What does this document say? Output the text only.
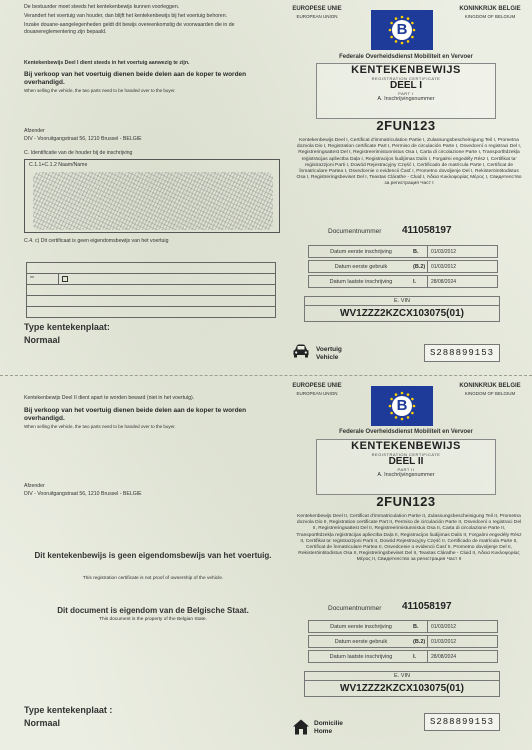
De bestuurder moet steeds het kentekenbewijs kunnen voorleggen.

Verandert het voertuig van houder, dan blijft het kentekenbewijs bij het voertuig behoren.

Inzake douane-aangelegenheden geldt dit bewijs overeenkomstig de voorwaarden die in de douanereglementering zijn bepaald.

Kentekenbewijs Deel I dient steeds in het voertuig aanwezig te zijn.
Bij verkoop van het voertuig dienen beide delen aan de koper te worden overhandigd.
When selling the vehicle, the two parts need to be handed over to the buyer.
Afzender
DIV - Vooruitgangstraat 56, 1210 Brussel - BELGIE
C. Identificatie van de houder bij de inschrijving
C.1.1+C.1.2 Naam/Name
C.4. c) Dit certificaat is geen eigendomsbewijs van het voertuig

**	

Type kentekenplaat:
Normaal
EUROPESE UNIE
EUROPEAN UNION
B
KONINKRIJK BELGIE
KINGDOM OF BELGIUM
Federale Overheidsdienst Mobiliteit en Vervoer
KENTEKENBEWIJS
REGISTRATION CERTIFICATE
DEEL I
PART I
A. Inschrijvingsnummer
2FUN123
Kentekenbewijs Deel I, Certificat d'immatriculation Partie I, Zulassungsbescheinigung Teil I, Prometna dozvola Dio I, Registration certificate Part I, Permiso de circulación Parte I, Osvedcení o registraci Del I, Registreringsattest Del I, Registreerimistunnistus Osa I, Carta di circolazione Parte I, Transportlīdzekļa reģistrācijas apliecība Daļa I, Registracijos liudijimas Dalis I, Forgalmi engedély Rész I, Certifikat ta' reġistrazzjoni Parti I, Dowód Rejestracyjny Część I, Certificado de matrícula Parte I, Certificat de înmatriculare Partea I, Osvedcenie o evidencii Časť I, Prometno dovoljenje Del I, Rekisteröintitodistus Osa I, Registreringsbeviset Del I, Teastas Clárathe - Cluid I, Άδεια Κυκλοφορίας Μέρος I, Свидетелство за регистрация Част I
Documentnummer 411058197
Datum eerste inschrijving	B.	01/03/2012
Datum eerste gebruik	(B.2)	01/03/2012
Datum laatste inschrijving	I.	28/08/2024
E. VIN
WV1ZZZ2KZCX103075(01)
Voertuig
Vehicle	S288899153
Kentekenbewijs Deel II dient apart te worden beward (niet in het voertuig).
Bij verkoop van het voertuig dienen beide delen aan de koper te worden overhandigd.
When selling the vehicle, the two parts need to be handed over to the buyer.
Afzender
DIV - Vooruitgangstraat 56, 1210 Brussel - BELGIE
Dit kentekenbewijs is geen eigendomsbewijs van het voertuig.
This registration certificate is not proof of ownership of the vehicle.
Dit document is eigendom van de Belgische Staat.
This document is the property of the Belgian State.
Type kentekenplaat :
Normaal
EUROPESE UNIE
EUROPEAN UNION
B
KONINKRIJK BELGIE
KINGDOM OF BELGIUM
Federale Overheidsdienst Mobiliteit en Vervoer
KENTEKENBEWIJS
REGISTRATION CERTIFICATE
DEEL II
PART II
A. Inschrijvingsnummer
2FUN123
Kentekenbewijs Deel II, Certificat d'immatriculation Partie II, Zulassungsbescheinigung Teil II, Prometna dozvola Dio II, Registration certificate Part II, Permiso de circulación Parte II, Osvedcení o registraci Del II, Registreringsattest Del II, Registreerimistunnistus Osa II, Carta di circolazione Parte II, Transportlīdzekļa reģistrācijas apliecība Daļa II, Registracijos liudijimas Dalis II, Forgalmi engedély Rész II, Certifikat ta' reġistrazzjoni Parti II, Dowód Rejestracyjny Część II, Certificado de matrícula Parte II, Certificat de înmatriculare Partea II, Osvedcenie o evidencii Časť II, Prometno dovoljenje Del II, Rekisteröintitodistus Osa II, Registreringsbeviset Del II, Teastas Clárathe - Cluid II, Άδεια Κυκλοφορίας Μέρος II, Свидетелство за регистрация Част II
Documentnummer 411058197
Datum eerste inschrijving	B.	01/03/2012
Datum eerste gebruik	(B.2)	01/03/2012
Datum laatste inschrijving	I.	28/08/2024
E. VIN
WV1ZZZ2KZCX103075(01)
Domicilie
Home
S288899153
